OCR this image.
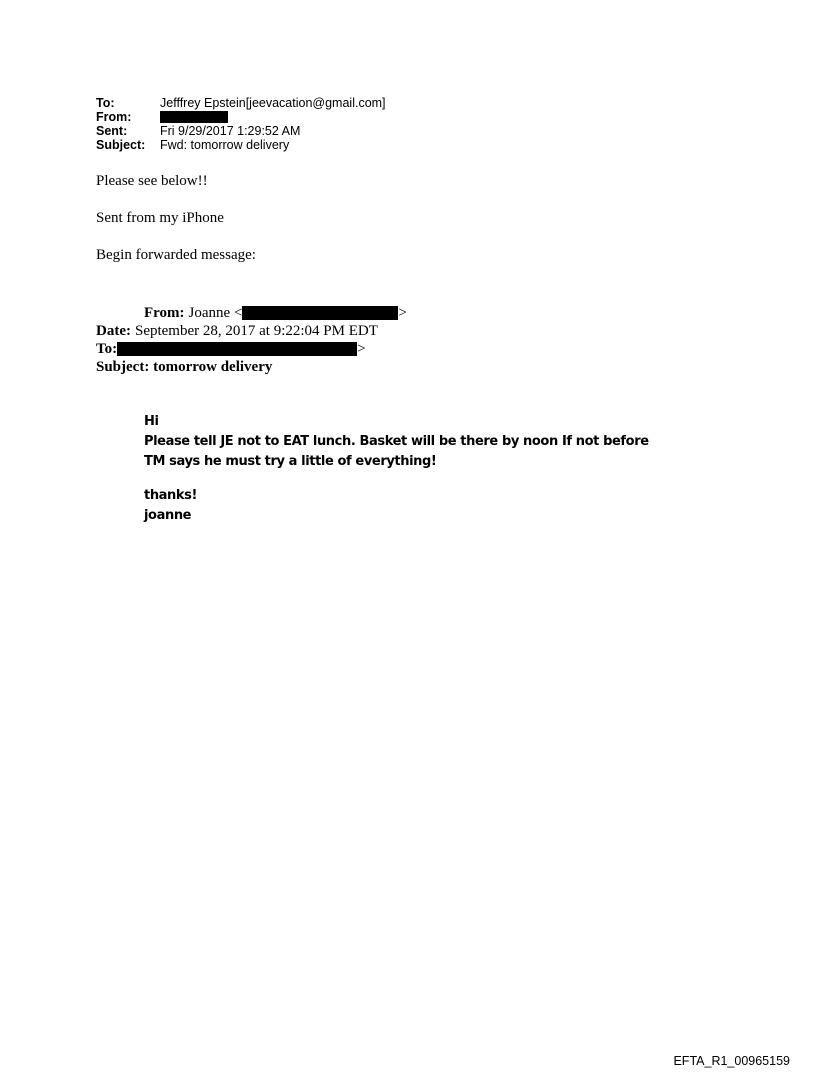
To:	Jefffrey Epstein[jeevacation@gmail.com]
From:
Sent:	Fri 9/29/2017 1:29:52 AM
Subject:	Fwd: tomorrow delivery
Please see below!!
Sent from my iPhone
Begin forwarded message:
From: Joanne <	>
Date: September 28, 2017 at 9:22:04 PM EDT
To:	>
Subject: tomorrow delivery
Hi
Please tell JE not to EAT lunch. Basket will be there by noon If not before
TM says he must try a little of everything!
thanks!
joanne
EFTA_R1_00965159
